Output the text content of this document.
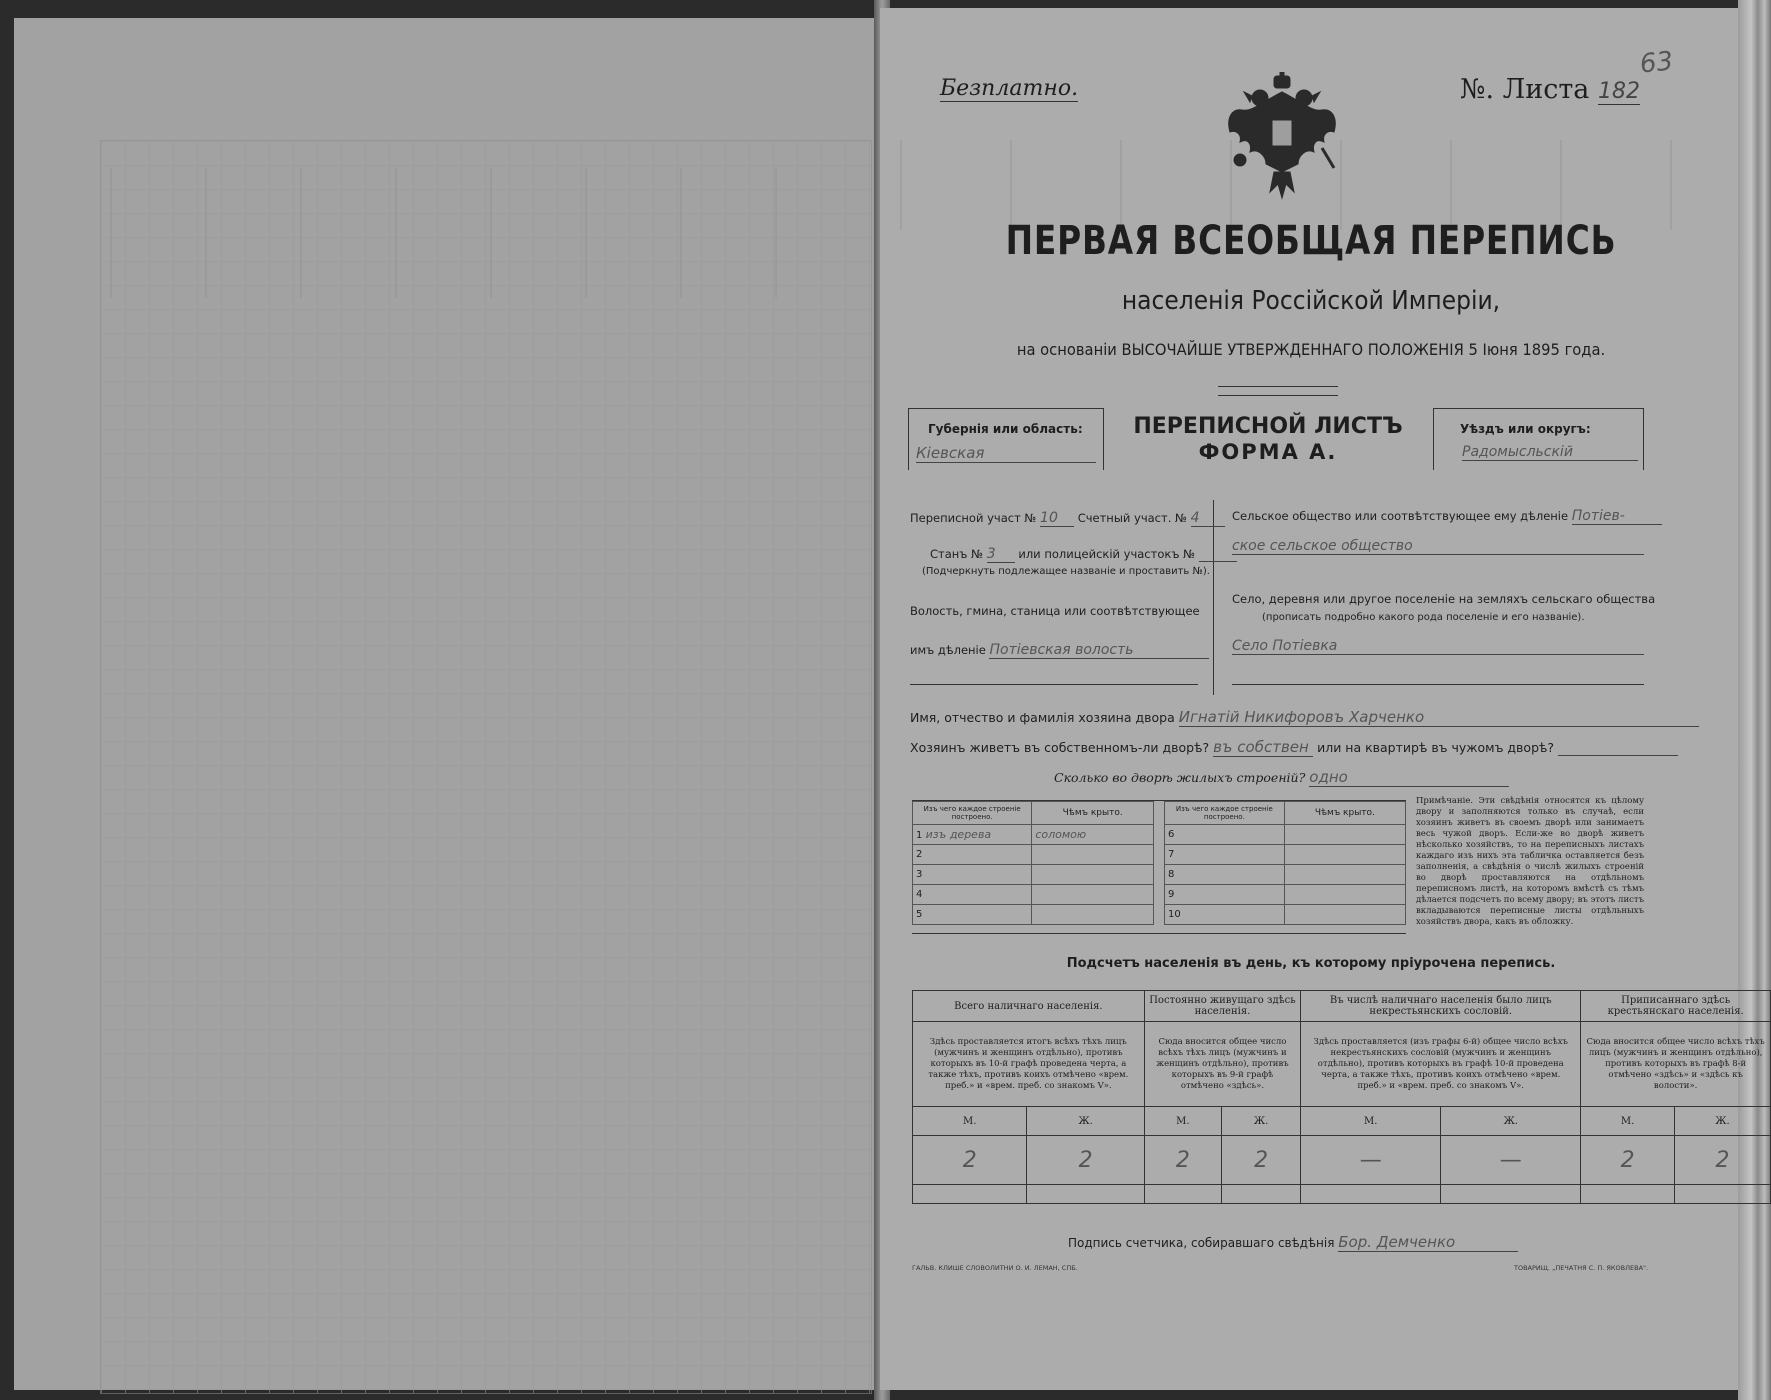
Безплатно.	№. Листа 182
63
ПЕРВАЯ ВСЕОБЩАЯ ПЕРЕПИСЬ
населенія Россійской Имперіи,
на основаніи ВЫСОЧАЙШЕ УТВЕРЖДЕННАГО ПОЛОЖЕНІЯ 5 Іюня 1895 года.
Губернія или область:
Кіевская
ПЕРЕПИСНОЙ ЛИСТЪ
ФОРМА А.
Уѣздъ или округъ:
Радомысльскій
Переписной участ № 10 Счетный участ. № 4
Станъ № 3 или полицейскій участокъ №
(Подчеркнуть подлежащее названіе и проставить №).
Волость, гмина, станица или соотвѣтствующее
имъ дѣленіе Потіевская волость
Сельское общество или соотвѣтствующее ему дѣленіе Потіев-
ское сельское общество
Село, деревня или другое поселеніе на земляхъ сельскаго общества
(прописать подробно какого рода поселеніе и его названіе).
Село Потіевка
Имя, отчество и фамилія хозяина двора Игнатій Никифоровъ Харченко
Хозяинъ живетъ въ собственномъ-ли дворѣ? въ собствен или на квартирѣ въ чужомъ дворѣ?
Сколько во дворѣ жилыхъ строеній? одно
Изъ чего каждое строеніе построено.	Чѣмъ крыто.
1 изъ дерева	соломою
2	
3	
4	
5	
Изъ чего каждое строеніе построено.	Чѣмъ крыто.
6	
7	
8	
9	
10	
Примѣчаніе. Эти свѣдѣнія относятся къ цѣлому двору и заполняются только въ случаѣ, если хозяинъ живетъ въ своемъ дворѣ или занимаетъ весь чужой дворъ. Если-же во дворѣ живетъ нѣсколько хозяйствъ, то на переписныхъ листахъ каждаго изъ нихъ эта табличка оставляется безъ заполненія, а свѣдѣнія о числѣ жилыхъ строеній во дворѣ проставляются на отдѣльномъ переписномъ листѣ, на которомъ вмѣстѣ съ тѣмъ дѣлается подсчетъ по всему двору; въ этотъ листъ вкладываются переписные листы отдѣльныхъ хозяйствъ двора, какъ въ обложку.
Подсчетъ населенія въ день, къ которому пріурочена перепись.
Всего наличнаго населенія.		Постоянно живущаго здѣсь населенія.		Въ числѣ наличнаго населенія было лицъ некрестьянскихъ сословій.		Приписаннаго здѣсь крестьянскаго населенія.	
Здѣсь проставляется итогъ всѣхъ тѣхъ лицъ (мужчинъ и женщинъ отдѣльно), противъ которыхъ въ 10-й графѣ проведена черта, а также тѣхъ, противъ коихъ отмѣчено «врем. преб.» и «врем. преб. со знакомъ V».		Сюда вносится общее число всѣхъ тѣхъ лицъ (мужчинъ и женщинъ отдѣльно), противъ которыхъ въ 9-й графѣ отмѣчено «здѣсь».		Здѣсь проставляется (изъ графы 6-й) общее число всѣхъ некрестьянскихъ сословій (мужчинъ и женщинъ отдѣльно), противъ которыхъ въ графѣ 10-й проведена черта, а также тѣхъ, противъ коихъ отмѣчено «врем. преб.» и «врем. преб. со знакомъ V».		Сюда вносится общее число всѣхъ тѣхъ лицъ (мужчинъ и женщинъ отдѣльно), противъ которыхъ въ графѣ 8-й отмѣчено «здѣсь» и «здѣсь къ волости».	
М.	Ж.	М.	Ж.	М.	Ж.	М.	Ж.
2	2	2	2	—	—	2	2

Подпись счетчика, собиравшаго свѣдѣнія Бор. Демченко
ГАЛЬВ. КЛИШЕ СЛОВОЛИТНИ О. И. ЛЕМАН, СПБ.	ТОВАРИЩ. „ПЕЧАТНЯ С. П. ЯКОВЛЕВА".
